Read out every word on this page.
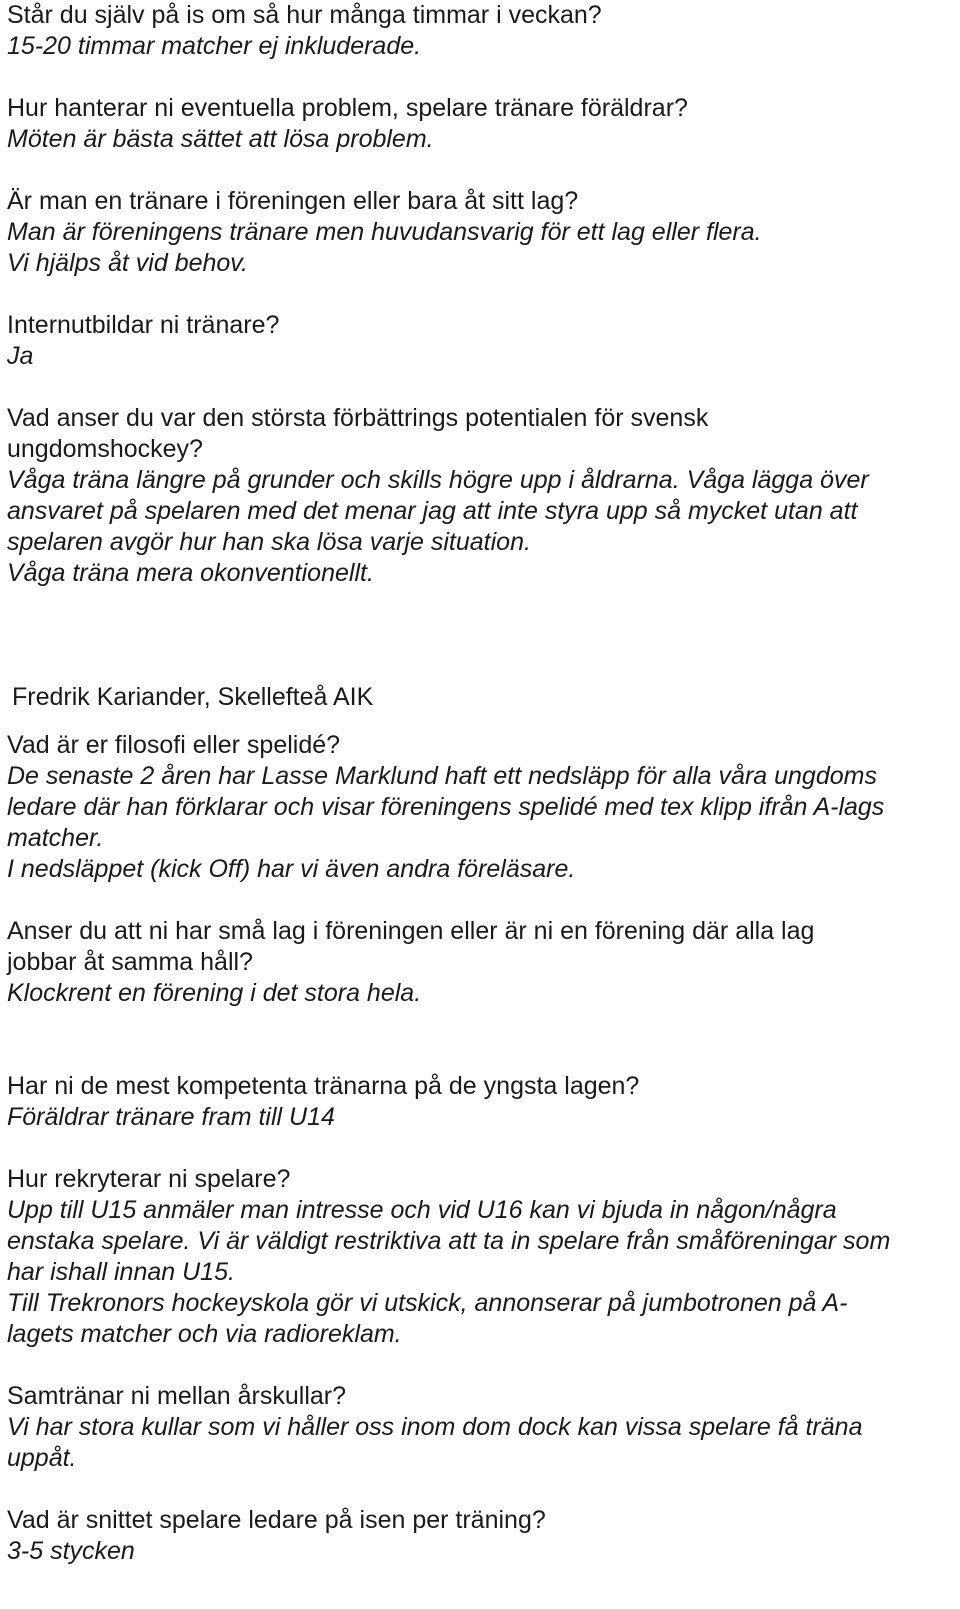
Står du själv på is om så hur många timmar i veckan?
15-20 timmar matcher ej inkluderade.
Hur hanterar ni eventuella problem, spelare tränare föräldrar?
Möten är bästa sättet att lösa problem.
Är man en tränare i föreningen eller bara åt sitt lag?
Man är föreningens tränare men huvudansvarig för ett lag eller flera.
Vi hjälps åt vid behov.
Internutbildar ni tränare?
Ja
Vad anser du var den största förbättrings potentialen för svensk
ungdomshockey?
Våga träna längre på grunder och skills högre upp i åldrarna. Våga lägga över
ansvaret på spelaren med det menar jag att inte styra upp så mycket utan att
spelaren avgör hur han ska lösa varje situation.
Våga träna mera okonventionellt.
Fredrik Kariander, Skellefteå AIK
Vad är er filosofi eller spelidé?
De senaste 2 åren har Lasse Marklund haft ett nedsläpp för alla våra ungdoms
ledare där han förklarar och visar föreningens spelidé med tex klipp ifrån A-lags
matcher.
I nedsläppet (kick Off) har vi även andra föreläsare.
Anser du att ni har små lag i föreningen eller är ni en förening där alla lag
jobbar åt samma håll?
Klockrent en förening i det stora hela.
Har ni de mest kompetenta tränarna på de yngsta lagen?
Föräldrar tränare fram till U14
Hur rekryterar ni spelare?
Upp till U15 anmäler man intresse och vid U16 kan vi bjuda in någon/några
enstaka spelare. Vi är väldigt restriktiva att ta in spelare från småföreningar som
har ishall innan U15.
Till Trekronors hockeyskola gör vi utskick, annonserar på jumbotronen på A-
lagets matcher och via radioreklam.
Samtränar ni mellan årskullar?
Vi har stora kullar som vi håller oss inom dom dock kan vissa spelare få träna
uppåt.
Vad är snittet spelare ledare på isen per träning?
3-5 stycken
